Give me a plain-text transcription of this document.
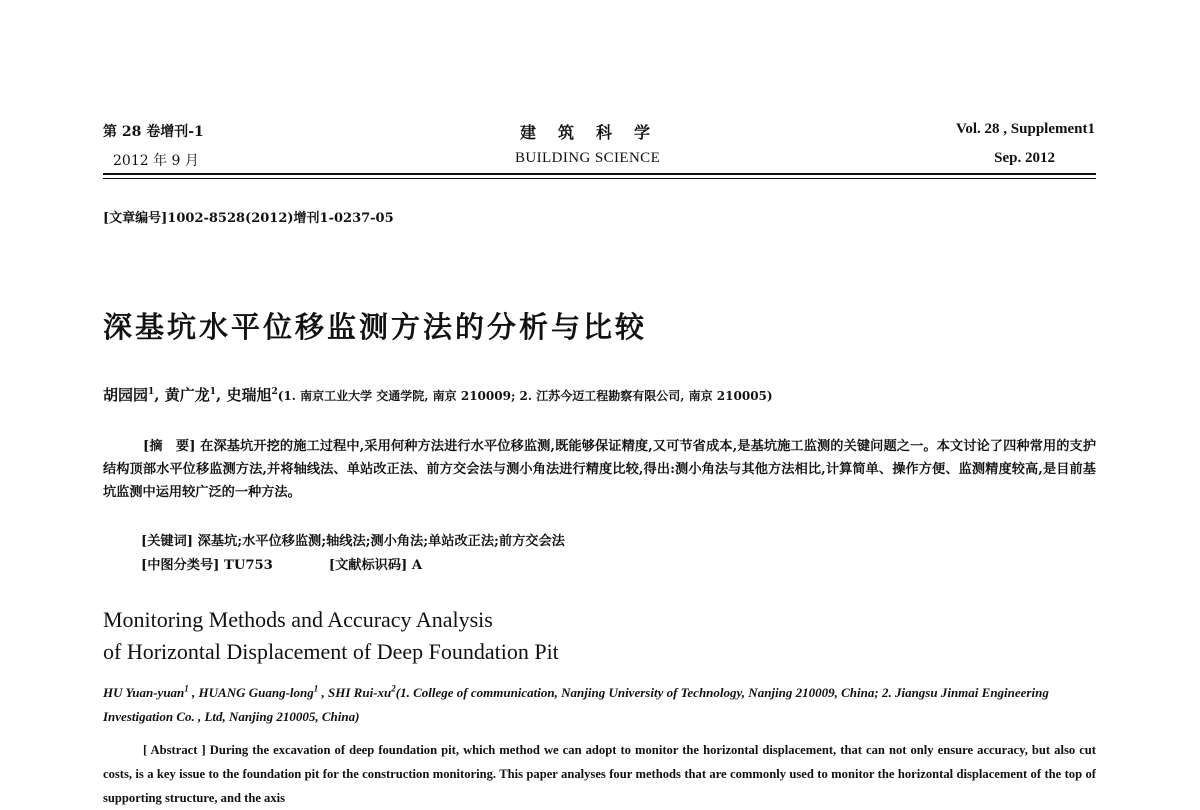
第 28 卷增刊-1
2012 年 9 月
建筑科学
BUILDING SCIENCE
Vol. 28 , Supplement1
Sep. 2012
[文章编号]1002-8528(2012)增刊1-0237-05
深基坑水平位移监测方法的分析与比较
胡园园$^1$, 黄广龙$^1$, 史瑞旭$^2$(1. 南京工业大学 交通学院, 南京 210009; 2. 江苏今迈工程勘察有限公司, 南京 210005)
[摘　要] 在深基坑开挖的施工过程中,采用何种方法进行水平位移监测,既能够保证精度,又可节省成本,是基坑施工监测的关键问题之一。本文讨论了四种常用的支护结构顶部水平位移监测方法,并将轴线法、单站改正法、前方交会法与测小角法进行精度比较,得出:测小角法与其他方法相比,计算简单、操作方便、监测精度较高,是目前基坑监测中运用较广泛的一种方法。
[关键词] 深基坑;水平位移监测;轴线法;测小角法;单站改正法;前方交会法
[中图分类号] TU753	[文献标识码] A
Monitoring Methods and Accuracy Analysis
of Horizontal Displacement of Deep Foundation Pit
HU Yuan-yuan$^1$ , HUANG Guang-long$^1$ , SHI Rui-$xu^2(1$. College of communication, Nanjing University of Technology, Nanjing 210009, China; 2. Jiangsu Jinmai Engineering Investigation Co. , Ltd, Nanjing 210005, China)
[ Abstract ] During the excavation of deep foundation pit, which method we can adopt to monitor the horizontal displacement, that can not only ensure accuracy, but also cut costs, is a key issue to the foundation pit for the construction monitoring. This paper analyses four methods that are commonly used to monitor the horizontal displacement of the top of supporting structure, and the axis
